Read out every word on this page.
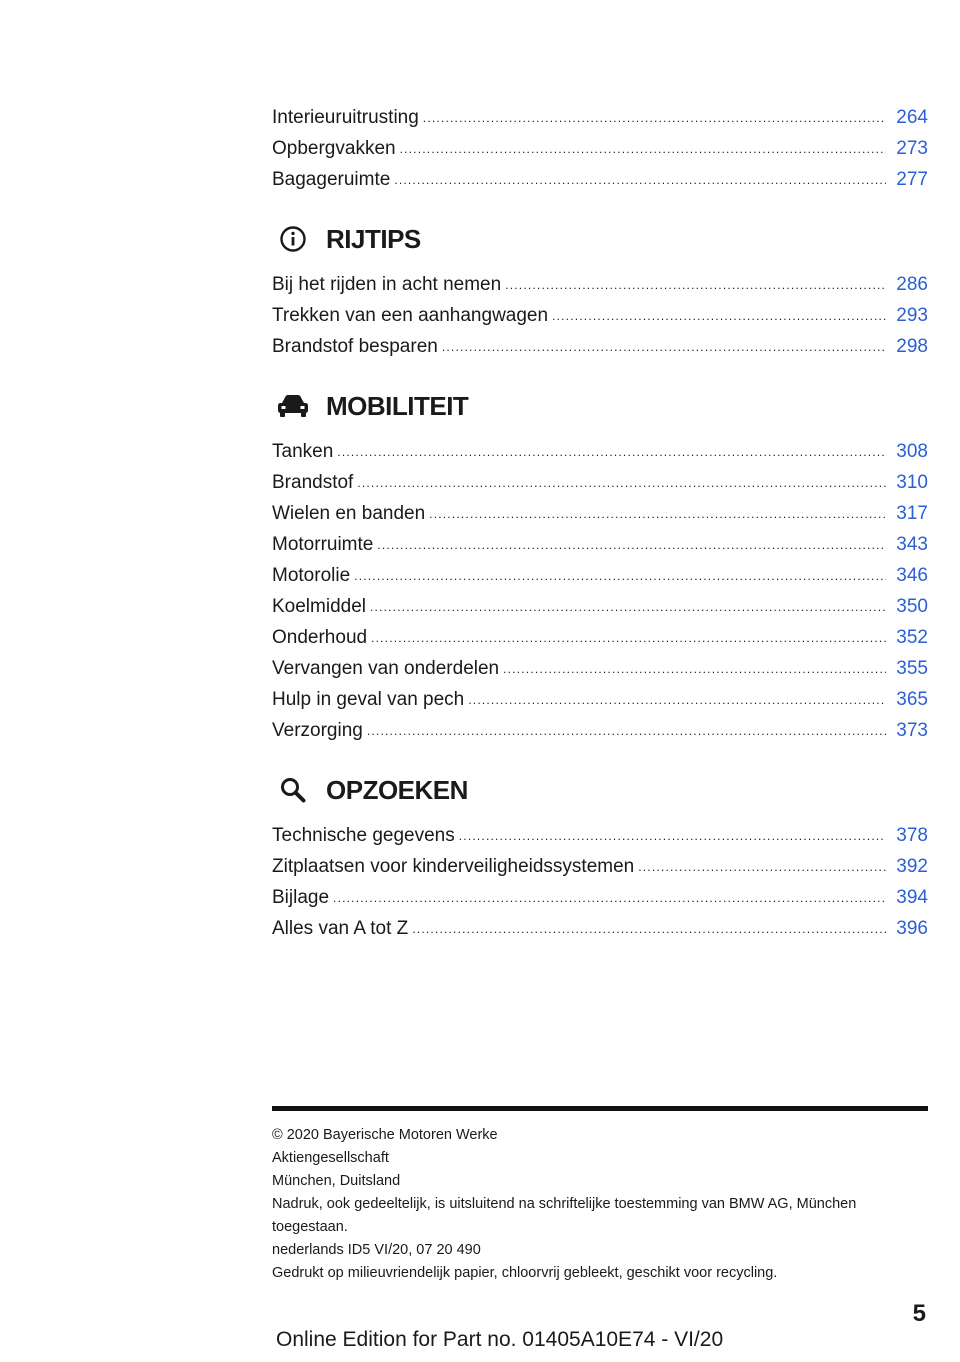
Interieuruitrusting .....	264
Opbergvakken .....	273
Bagageruimte .....	277
RIJTIPS
Bij het rijden in acht nemen .....	286
Trekken van een aanhangwagen .....	293
Brandstof besparen .....	298
MOBILITEIT
Tanken .....	308
Brandstof .....	310
Wielen en banden .....	317
Motorruimte .....	343
Motorolie .....	346
Koelmiddel .....	350
Onderhoud .....	352
Vervangen van onderdelen .....	355
Hulp in geval van pech .....	365
Verzorging .....	373
OPZOEKEN
Technische gegevens .....	378
Zitplaatsen voor kinderveiligheidssystemen .....	392
Bijlage .....	394
Alles van A tot Z .....	396

© 2020 Bayerische Motoren Werke

Aktiengesellschaft

München, Duitsland

Nadruk, ook gedeeltelijk, is uitsluitend na schriftelijke toestemming van BMW AG, München

toegestaan.

nederlands ID5 VI/20, 07 20 490

Gedrukt op milieuvriendelijk papier, chloorvrij gebleekt, geschikt voor recycling.

5
Online Edition for Part no. 01405A10E74 - VI/20
